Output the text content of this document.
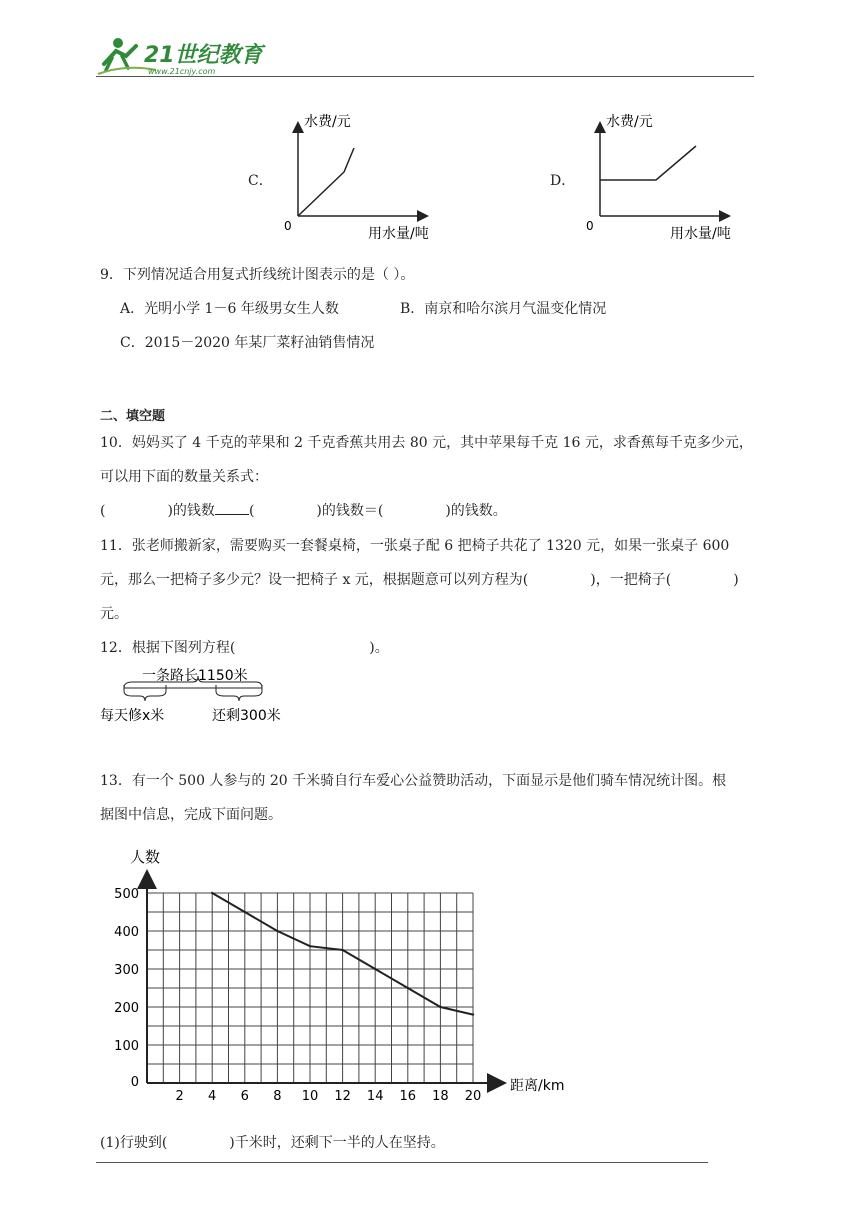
21世纪教育
www.21cnjy.com
C．
水费/元
用水量/吨
0
D．
水费/元
用水量/吨
0
9．下列情况适合用复式折线统计图表示的是（ ）。
A．光明小学 1－6 年级男女生人数	B．南京和哈尔滨月气温变化情况
C．2015－2020 年某厂菜籽油销售情况
二、填空题
10．妈妈买了 4 千克的苹果和 2 千克香蕉共用去 80 元，其中苹果每千克 16 元，求香蕉每千克多少元，
可以用下面的数量关系式：
(	)的钱数 (	)的钱数＝(	)的钱数。
11．张老师搬新家，需要购买一套餐桌椅，一张桌子配 6 把椅子共花了 1320 元，如果一张桌子 600
元，那么一把椅子多少元？设一把椅子 x 元，根据题意可以列方程为(	)，一把椅子(	)
元。
12．根据下图列方程(	)。
一条路长1150米
每天修x米	还剩300米
13．有一个 500 人参与的 20 千米骑自行车爱心公益赞助活动，下面显示是他们骑车情况统计图。根
据图中信息，完成下面问题。
2 4 6 8 10 12 14 16 18 20
0
100
200
300
400
500
人数
距离/km
(1)行驶到(	)千米时，还剩下一半的人在坚持。
